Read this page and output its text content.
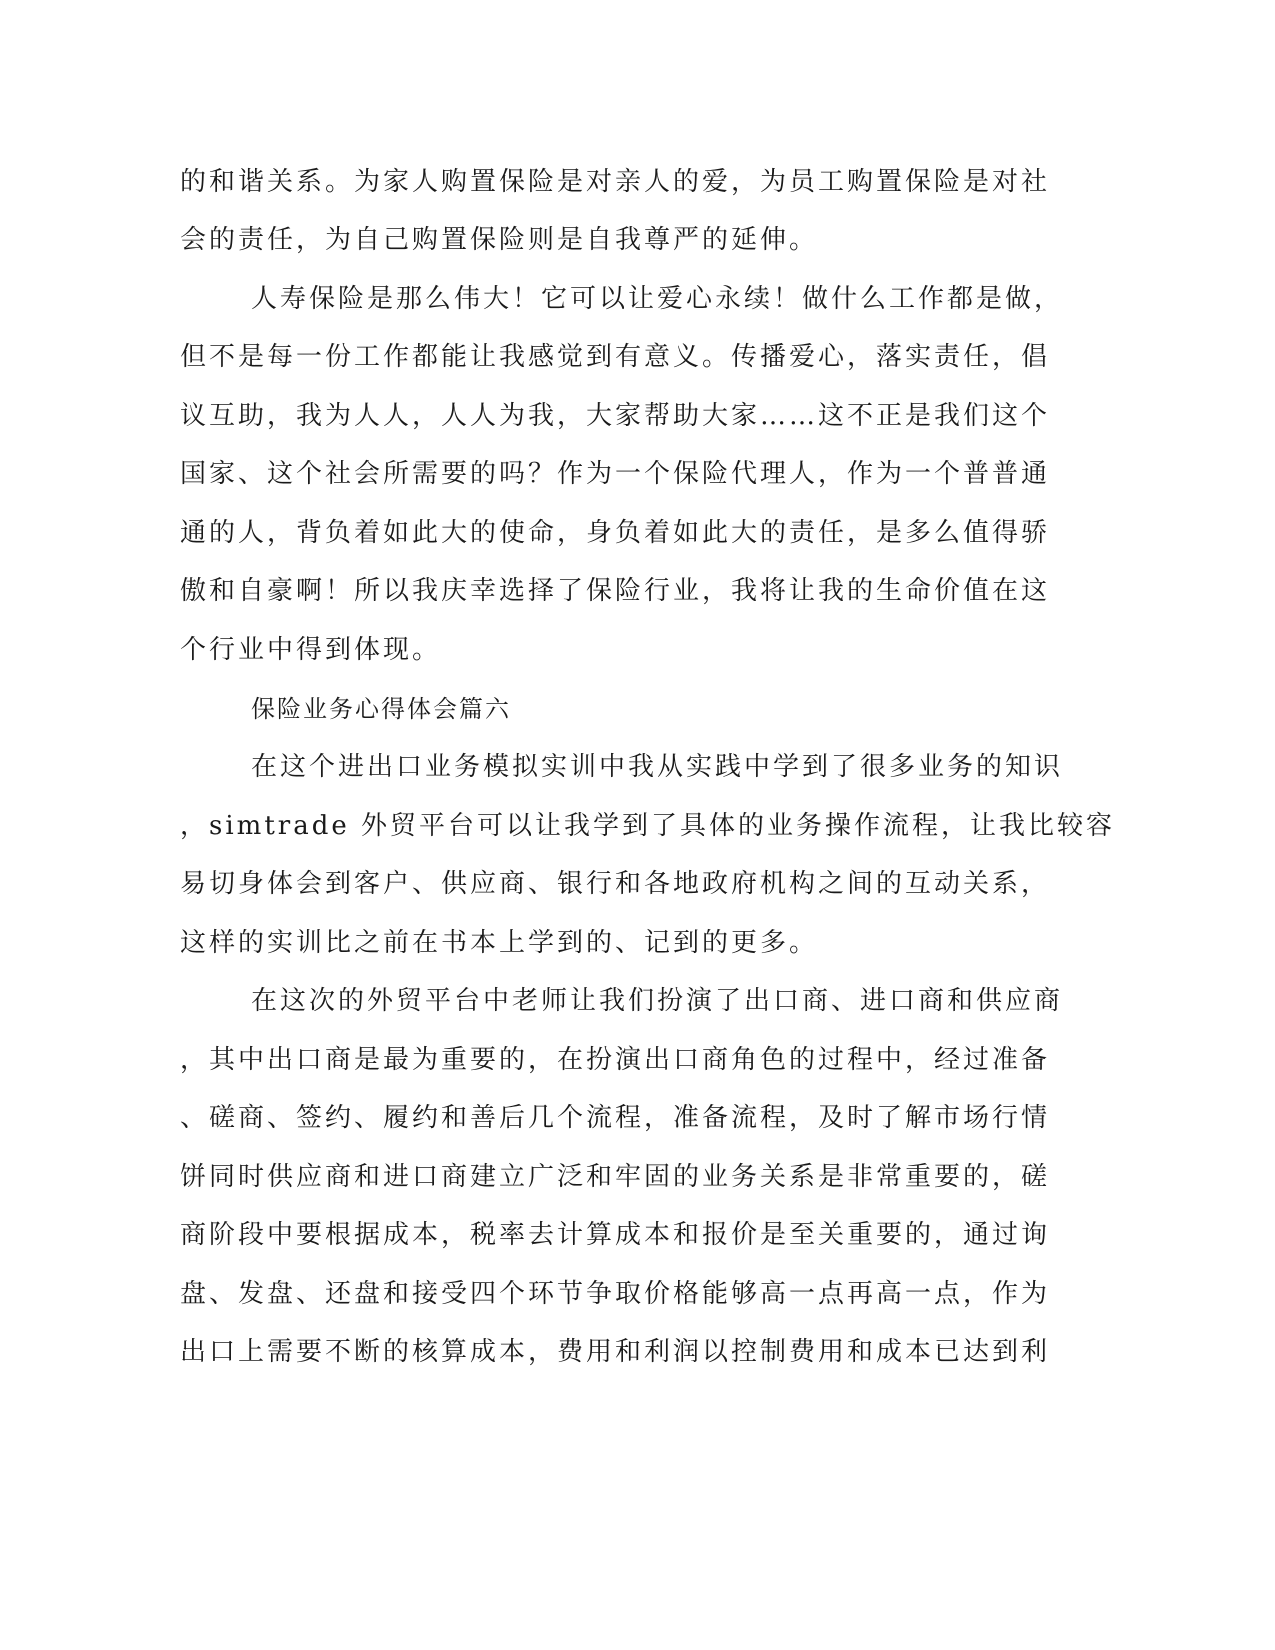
的和谐关系。为家人购置保险是对亲人的爱，为员工购置保险是对社

会的责任，为自己购置保险则是自我尊严的延伸。

人寿保险是那么伟大！它可以让爱心永续！做什么工作都是做，

但不是每一份工作都能让我感觉到有意义。传播爱心，落实责任，倡

议互助，我为人人，人人为我，大家帮助大家……这不正是我们这个

国家、这个社会所需要的吗？作为一个保险代理人，作为一个普普通

通的人，背负着如此大的使命，身负着如此大的责任，是多么值得骄

傲和自豪啊！所以我庆幸选择了保险行业，我将让我的生命价值在这

个行业中得到体现。

保险业务心得体会篇六

在这个进出口业务模拟实训中我从实践中学到了很多业务的知识

，simtrade 外贸平台可以让我学到了具体的业务操作流程，让我比较容

易切身体会到客户、供应商、银行和各地政府机构之间的互动关系，

这样的实训比之前在书本上学到的、记到的更多。

在这次的外贸平台中老师让我们扮演了出口商、进口商和供应商

，其中出口商是最为重要的，在扮演出口商角色的过程中，经过准备

、磋商、签约、履约和善后几个流程，准备流程，及时了解市场行情

饼同时供应商和进口商建立广泛和牢固的业务关系是非常重要的，磋

商阶段中要根据成本，税率去计算成本和报价是至关重要的，通过询

盘、发盘、还盘和接受四个环节争取价格能够高一点再高一点，作为

出口上需要不断的核算成本，费用和利润以控制费用和成本已达到利
